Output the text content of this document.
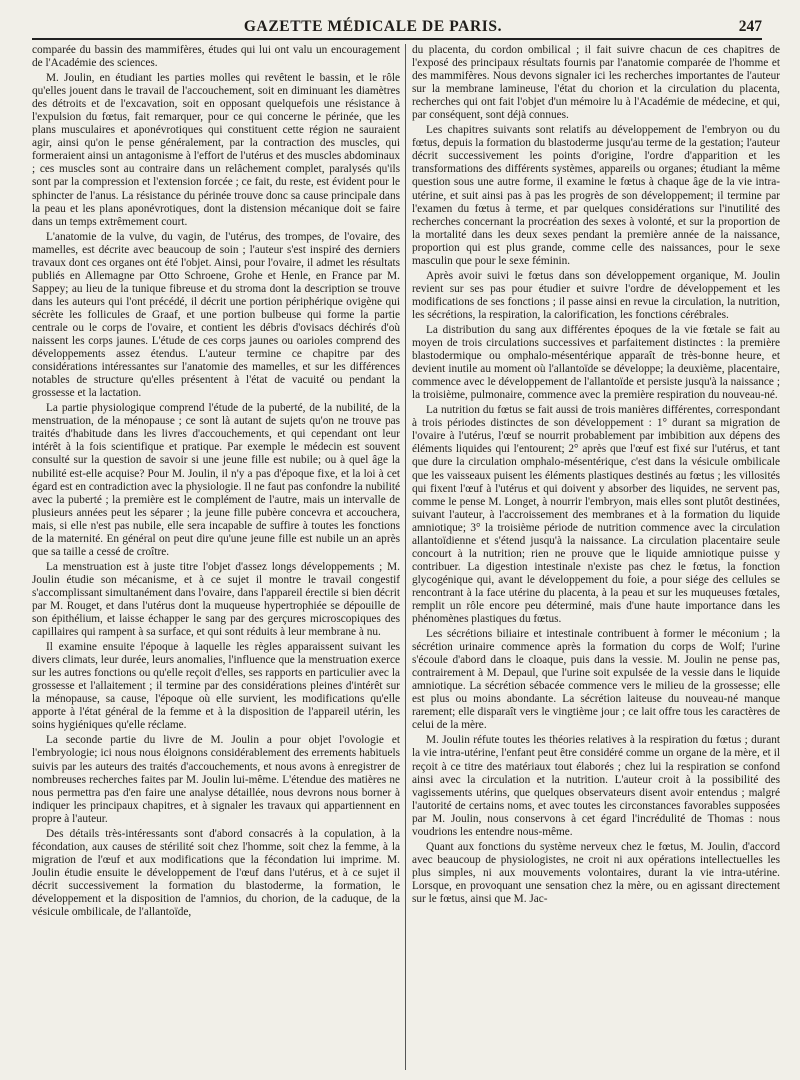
GAZETTE MÉDICALE DE PARIS.	247

comparée du bassin des mammifères, études qui lui ont valu un encouragement de l'Académie des sciences.

M. Joulin, en étudiant les parties molles qui revêtent le bassin, et le rôle qu'elles jouent dans le travail de l'accouchement, soit en diminuant les diamètres des détroits et de l'excavation, soit en opposant quelquefois une résistance à l'expulsion du fœtus, fait remarquer, pour ce qui concerne le périnée, que les plans musculaires et aponévrotiques qui constituent cette région ne sauraient agir, ainsi qu'on le pense généralement, par la contraction des muscles, qui formeraient ainsi un antagonisme à l'effort de l'utérus et des muscles abdominaux ; ces muscles sont au contraire dans un relâchement complet, paralysés qu'ils sont par la compression et l'extension forcée ; ce fait, du reste, est évident pour le sphincter de l'anus. La résistance du périnée trouve donc sa cause principale dans la peau et les plans aponévrotiques, dont la distension mécanique doit se faire dans un temps extrêmement court.

L'anatomie de la vulve, du vagin, de l'utérus, des trompes, de l'ovaire, des mamelles, est décrite avec beaucoup de soin ; l'auteur s'est inspiré des derniers travaux dont ces organes ont été l'objet. Ainsi, pour l'ovaire, il admet les résultats publiés en Allemagne par Otto Schroene, Grohe et Henle, en France par M. Sappey; au lieu de la tunique fibreuse et du stroma dont la description se trouve dans les auteurs qui l'ont précédé, il décrit une portion périphérique ovigène qui sécrète les follicules de Graaf, et une portion bulbeuse qui forme la partie centrale ou le corps de l'ovaire, et contient les débris d'ovisacs déchirés d'où naissent les corps jaunes. L'étude de ces corps jaunes ou oarioles comprend des développements assez étendus. L'auteur termine ce chapitre par des considérations intéressantes sur l'anatomie des mamelles, et sur les différences notables de structure qu'elles présentent à l'état de vacuité ou pendant la grossesse et la lactation.

La partie physiologique comprend l'étude de la puberté, de la nubilité, de la menstruation, de la ménopause ; ce sont là autant de sujets qu'on ne trouve pas traités d'habitude dans les livres d'accouchements, et qui cependant ont leur intérêt à la fois scientifique et pratique. Par exemple le médecin est souvent consulté sur la question de savoir si une jeune fille est nubile; ou à quel âge la nubilité est-elle acquise? Pour M. Joulin, il n'y a pas d'époque fixe, et la loi à cet égard est en contradiction avec la physiologie. Il ne faut pas confondre la nubilité avec la puberté ; la première est le complément de l'autre, mais un intervalle de plusieurs années peut les séparer ; la jeune fille pubère concevra et accouchera, mais, si elle n'est pas nubile, elle sera incapable de suffire à toutes les fonctions de la maternité. En général on peut dire qu'une jeune fille est nubile un an après que sa taille a cessé de croître.

La menstruation est à juste titre l'objet d'assez longs développements ; M. Joulin étudie son mécanisme, et à ce sujet il montre le travail congestif s'accomplissant simultanément dans l'ovaire, dans l'appareil érectile si bien décrit par M. Rouget, et dans l'utérus dont la muqueuse hypertrophiée se dépouille de son épithélium, et laisse échapper le sang par des gerçures microscopiques des capillaires qui rampent à sa surface, et qui sont réduits à leur membrane à nu.

Il examine ensuite l'époque à laquelle les règles apparaissent suivant les divers climats, leur durée, leurs anomalies, l'influence que la menstruation exerce sur les autres fonctions ou qu'elle reçoit d'elles, ses rapports en particulier avec la grossesse et l'allaitement ; il termine par des considérations pleines d'intérêt sur la ménopause, sa cause, l'époque où elle survient, les modifications qu'elle apporte à l'état général de la femme et à la disposition de l'appareil utérin, les soins hygiéniques qu'elle réclame.

La seconde partie du livre de M. Joulin a pour objet l'ovologie et l'embryologie; ici nous nous éloignons considérablement des errements habituels suivis par les auteurs des traités d'accouchements, et nous avons à enregistrer de nombreuses recherches faites par M. Joulin lui-même. L'étendue des matières ne nous permettra pas d'en faire une analyse détaillée, nous devrons nous borner à indiquer les principaux chapitres, et à signaler les travaux qui appartiennent en propre à l'auteur.

Des détails très-intéressants sont d'abord consacrés à la copulation, à la fécondation, aux causes de stérilité soit chez l'homme, soit chez la femme, à la migration de l'œuf et aux modifications que la fécondation lui imprime. M. Joulin étudie ensuite le développement de l'œuf dans l'utérus, et à ce sujet il décrit successivement la formation du blastoderme, la formation, le développement et la disposition de l'amnios, du chorion, de la caduque, de la vésicule ombilicale, de l'allantoïde,

du placenta, du cordon ombilical ; il fait suivre chacun de ces chapitres de l'exposé des principaux résultats fournis par l'anatomie comparée de l'homme et des mammifères. Nous devons signaler ici les recherches importantes de l'auteur sur la membrane lamineuse, l'état du chorion et la circulation du placenta, recherches qui ont fait l'objet d'un mémoire lu à l'Académie de médecine, et qui, par conséquent, sont déjà connues.

Les chapitres suivants sont relatifs au développement de l'embryon ou du fœtus, depuis la formation du blastoderme jusqu'au terme de la gestation; l'auteur décrit successivement les points d'origine, l'ordre d'apparition et les transformations des différents systèmes, appareils ou organes; étudiant la même question sous une autre forme, il examine le fœtus à chaque âge de la vie intra-utérine, et suit ainsi pas à pas les progrès de son développement; il termine par l'examen du fœtus à terme, et par quelques considérations sur l'inutilité des recherches concernant la procréation des sexes à volonté, et sur la proportion de la mortalité dans les deux sexes pendant la première année de la naissance, proportion qui est plus grande, comme celle des naissances, pour le sexe masculin que pour le sexe féminin.

Après avoir suivi le fœtus dans son développement organique, M. Joulin revient sur ses pas pour étudier et suivre l'ordre de développement et les modifications de ses fonctions ; il passe ainsi en revue la circulation, la nutrition, les sécrétions, la respiration, la calorification, les fonctions cérébrales.

La distribution du sang aux différentes époques de la vie fœtale se fait au moyen de trois circulations successives et parfaitement distinctes : la première blastodermique ou omphalo-mésentérique apparaît de très-bonne heure, et devient inutile au moment où l'allantoïde se développe; la deuxième, placentaire, commence avec le développement de l'allantoïde et persiste jusqu'à la naissance ; la troisième, pulmonaire, commence avec la première respiration du nouveau-né.

La nutrition du fœtus se fait aussi de trois manières différentes, correspondant à trois périodes distinctes de son développement : 1° durant sa migration de l'ovaire à l'utérus, l'œuf se nourrit probablement par imbibition aux dépens des éléments liquides qui l'entourent; 2° après que l'œuf est fixé sur l'utérus, et tant que dure la circulation omphalo-mésentérique, c'est dans la vésicule ombilicale que les vaisseaux puisent les éléments plastiques destinés au fœtus ; les villosités qui fixent l'œuf à l'utérus et qui doivent y absorber des liquides, ne servent pas, comme le pense M. Longet, à nourrir l'embryon, mais elles sont plutôt destinées, suivant l'auteur, à l'accroissement des membranes et à la formation du liquide amniotique; 3° la troisième période de nutrition commence avec la circulation allantoïdienne et s'étend jusqu'à la naissance. La circulation placentaire seule concourt à la nutrition; rien ne prouve que le liquide amniotique puisse y contribuer. La digestion intestinale n'existe pas chez le fœtus, la fonction glycogénique qui, avant le développement du foie, a pour siége des cellules se rencontrant à la face utérine du placenta, à la peau et sur les muqueuses fœtales, remplit un rôle encore peu déterminé, mais d'une haute importance dans les phénomènes plastiques du fœtus.

Les sécrétions biliaire et intestinale contribuent à former le méconium ; la sécrétion urinaire commence après la formation du corps de Wolf; l'urine s'écoule d'abord dans le cloaque, puis dans la vessie. M. Joulin ne pense pas, contrairement à M. Depaul, que l'urine soit expulsée de la vessie dans le liquide amniotique. La sécrétion sébacée commence vers le milieu de la grossesse; elle est plus ou moins abondante. La sécrétion laiteuse du nouveau-né manque rarement; elle disparaît vers le vingtième jour ; ce lait offre tous les caractères de celui de la mère.

M. Joulin réfute toutes les théories relatives à la respiration du fœtus ; durant la vie intra-utérine, l'enfant peut être considéré comme un organe de la mère, et il reçoit à ce titre des matériaux tout élaborés ; chez lui la respiration se confond ainsi avec la circulation et la nutrition. L'auteur croit à la possibilité des vagissements utérins, que quelques observateurs disent avoir entendus ; malgré l'autorité de certains noms, et avec toutes les circonstances favorables supposées par M. Joulin, nous conservons à cet égard l'incrédulité de Thomas : nous voudrions les entendre nous-même.

Quant aux fonctions du système nerveux chez le fœtus, M. Joulin, d'accord avec beaucoup de physiologistes, ne croit ni aux opérations intellectuelles les plus simples, ni aux mouvements volontaires, durant la vie intra-utérine. Lorsque, en provoquant une sensation chez la mère, ou en agissant directement sur le fœtus, ainsi que M. Jac-
